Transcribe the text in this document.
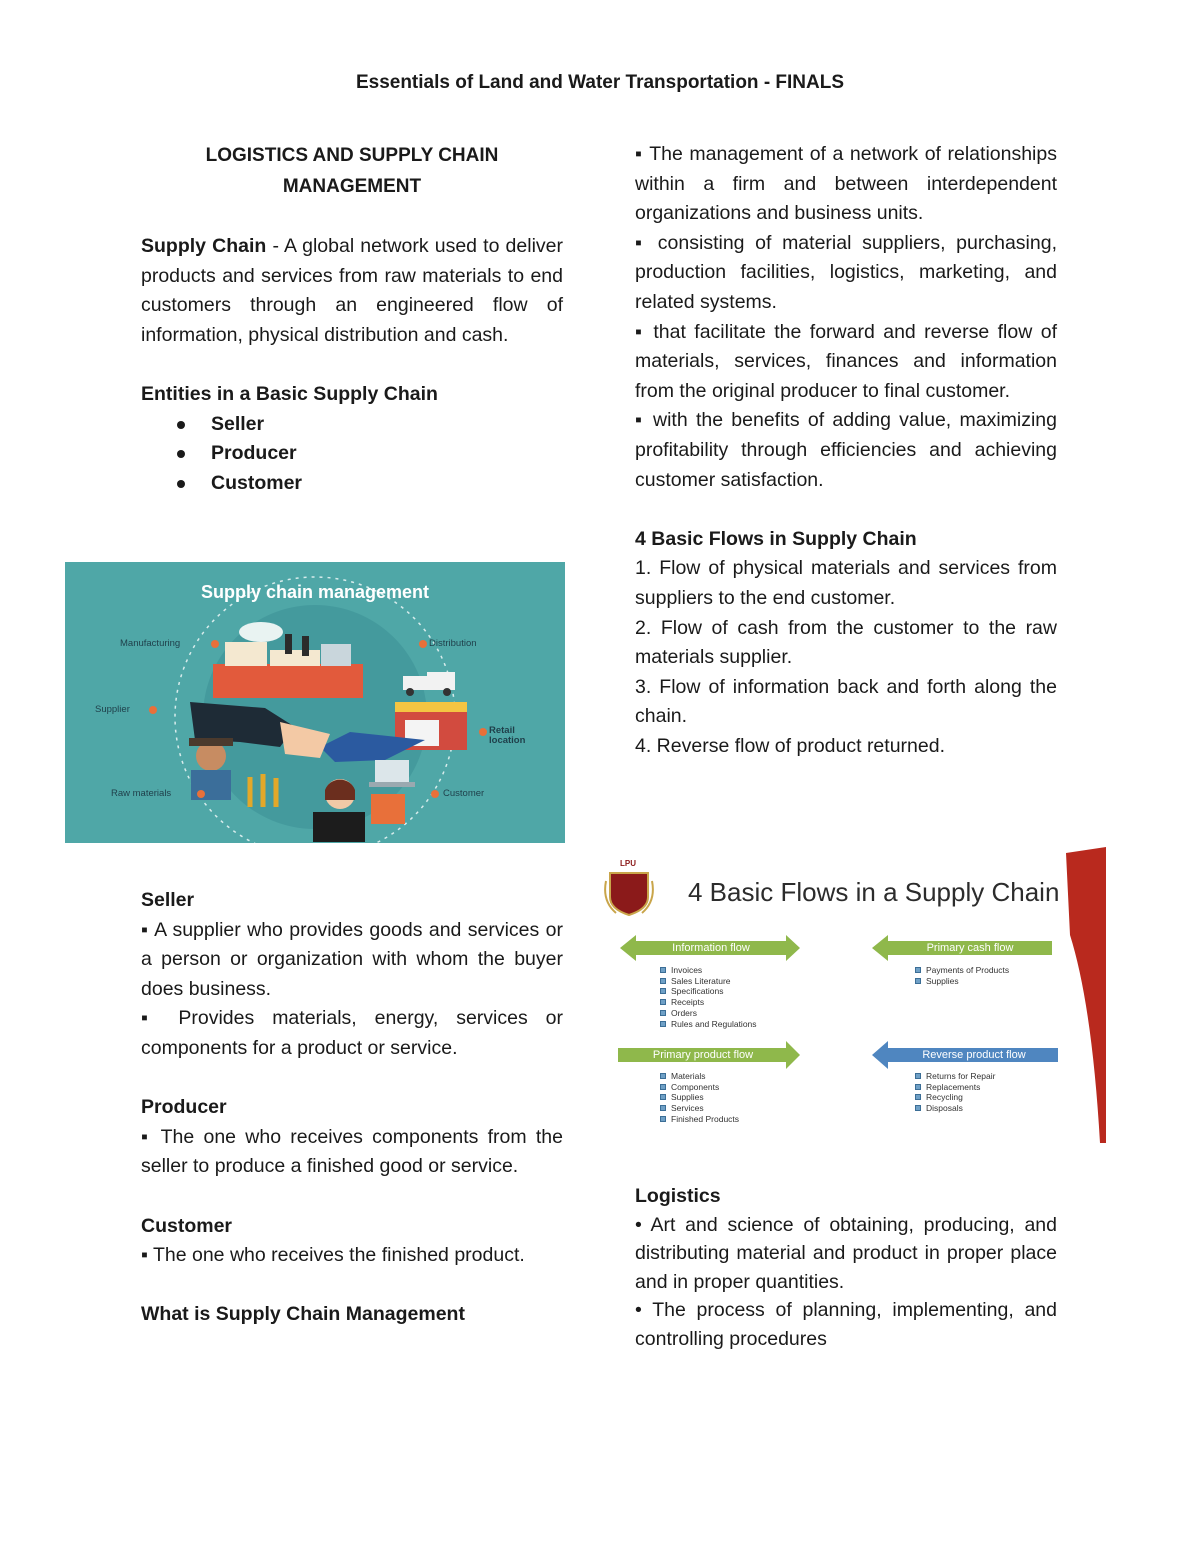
Essentials of Land and Water Transportation - FINALS

LOGISTICS AND SUPPLY CHAIN
MANAGEMENT

Supply Chain - A global network used to deliver products and services from raw materials to end customers through an engineered flow of information, physical distribution and cash.

Entities in a Basic Supply Chain

Seller
Producer
Customer

Seller

▪ A supplier who provides goods and services or a person or organization with whom the buyer does business.

▪ Provides materials, energy, services or components for a product or service.

Producer

▪ The one who receives components from the seller to produce a finished good or service.

Customer

▪ The one who receives the finished product.

What is Supply Chain Management

Supply chain management
Manufacturing	Distribution
Supplier
Retail location
Raw materials	Customer

▪ The management of a network of relationships within a firm and between interdependent organizations and business units.

▪ consisting of material suppliers, purchasing, production facilities, logistics, marketing, and related systems.

▪ that facilitate the forward and reverse flow of materials, services, finances and information from the original producer to final customer.

▪ with the benefits of adding value, maximizing profitability through efficiencies and achieving customer satisfaction.

4 Basic Flows in Supply Chain

1. Flow of physical materials and services from suppliers to the end customer.

2. Flow of cash from the customer to the raw materials supplier.

3. Flow of information back and forth along the chain.

4. Reverse flow of product returned.

LPU
4 Basic Flows in a Supply Chain
Information flow
Invoices
Sales Literature
Specifications
Receipts
Orders
Rules and Regulations
Primary cash flow
Payments of Products
Supplies
Primary product flow
Materials
Components
Supplies
Services
Finished Products
Reverse product flow
Returns for Repair
Replacements
Recycling
Disposals

Logistics

• Art and science of obtaining, producing, and distributing material and product in proper place and in proper quantities.

• The process of planning, implementing, and controlling procedures
